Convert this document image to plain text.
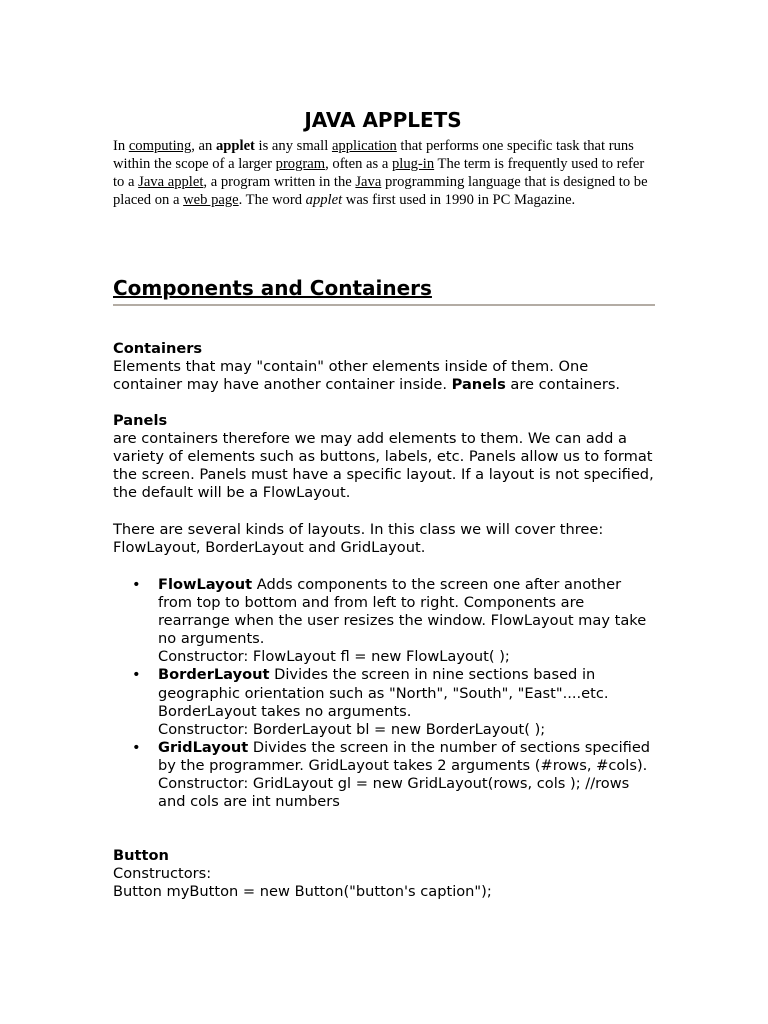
JAVA APPLETS

In computing, an applet is any small application that performs one specific task that runs within the scope of a larger program, often as a plug-in The term is frequently used to refer to a Java applet, a program written in the Java programming language that is designed to be placed on a web page. The word applet was first used in 1990 in PC Magazine.

Components and Containers
Containers
Elements that may "contain" other elements inside of them. One container may have another container inside. Panels are containers.
Panels
are containers therefore we may add elements to them. We can add a variety of elements such as buttons, labels, etc. Panels allow us to format the screen. Panels must have a specific layout. If a layout is not specified, the default will be a FlowLayout.
There are several kinds of layouts. In this class we will cover three: FlowLayout, BorderLayout and GridLayout.
• FlowLayout Adds components to the screen one after another from top to bottom and from left to right. Components are rearrange when the user resizes the window. FlowLayout may take no arguments.
Constructor: FlowLayout fl = new FlowLayout( );
• BorderLayout Divides the screen in nine sections based in geographic orientation such as "North", "South", "East"....etc. BorderLayout takes no arguments.
Constructor: BorderLayout bl = new BorderLayout( );
• GridLayout Divides the screen in the number of sections specified by the programmer. GridLayout takes 2 arguments (#rows, #cols).
Constructor: GridLayout gl = new GridLayout(rows, cols ); //rows and cols are int numbers
Button
Constructors:
Button myButton = new Button("button's caption");
